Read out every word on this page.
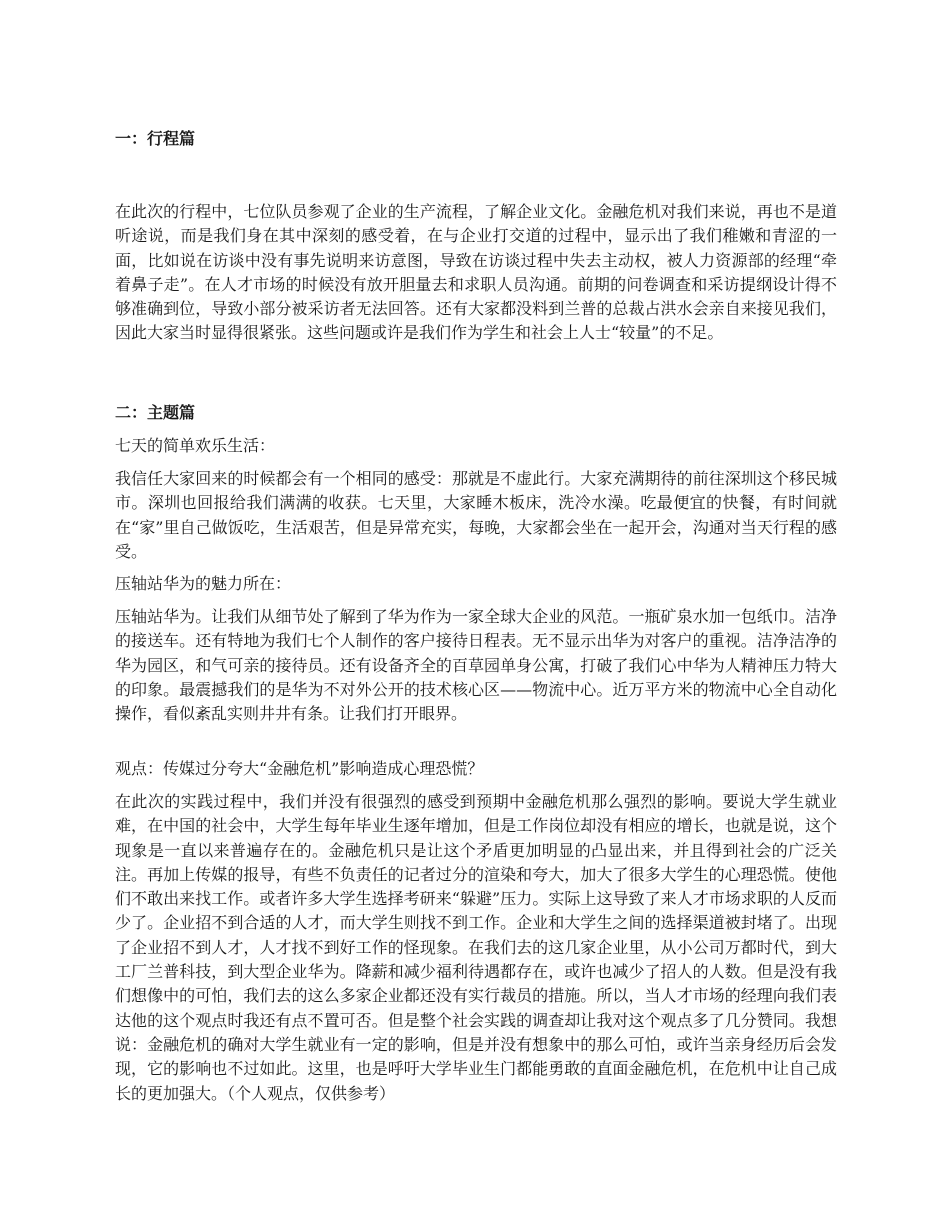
一：行程篇

在此次的行程中，七位队员参观了企业的生产流程，了解企业文化。金融危机对我们来说，再也不是道听途说，而是我们身在其中深刻的感受着，在与企业打交道的过程中，显示出了我们稚嫩和青涩的一面，比如说在访谈中没有事先说明来访意图，导致在访谈过程中失去主动权，被人力资源部的经理“牵着鼻子走”。在人才市场的时候没有放开胆量去和求职人员沟通。前期的问卷调查和采访提纲设计得不够准确到位，导致小部分被采访者无法回答。还有大家都没料到兰普的总裁占洪水会亲自来接见我们，因此大家当时显得很紧张。这些问题或许是我们作为学生和社会上人士“较量”的不足。

二：主题篇

七天的简单欢乐生活：

我信任大家回来的时候都会有一个相同的感受：那就是不虚此行。大家充满期待的前往深圳这个移民城市。深圳也回报给我们满满的收获。七天里，大家睡木板床，洗冷水澡。吃最便宜的快餐，有时间就在“家”里自己做饭吃，生活艰苦，但是异常充实，每晚，大家都会坐在一起开会，沟通对当天行程的感受。

压轴站华为的魅力所在：

压轴站华为。让我们从细节处了解到了华为作为一家全球大企业的风范。一瓶矿泉水加一包纸巾。洁净的接送车。还有特地为我们七个人制作的客户接待日程表。无不显示出华为对客户的重视。洁净洁净的华为园区，和气可亲的接待员。还有设备齐全的百草园单身公寓，打破了我们心中华为人精神压力特大的印象。最震撼我们的是华为不对外公开的技术核心区——物流中心。近万平方米的物流中心全自动化操作，看似紊乱实则井井有条。让我们打开眼界。

观点：传媒过分夸大“金融危机”影响造成心理恐慌？

在此次的实践过程中，我们并没有很强烈的感受到预期中金融危机那么强烈的影响。要说大学生就业难，在中国的社会中，大学生每年毕业生逐年增加，但是工作岗位却没有相应的增长，也就是说，这个现象是一直以来普遍存在的。金融危机只是让这个矛盾更加明显的凸显出来，并且得到社会的广泛关注。再加上传媒的报导，有些不负责任的记者过分的渲染和夸大，加大了很多大学生的心理恐慌。使他们不敢出来找工作。或者许多大学生选择考研来“躲避”压力。实际上这导致了来人才市场求职的人反而少了。企业招不到合适的人才，而大学生则找不到工作。企业和大学生之间的选择渠道被封堵了。出现了企业招不到人才，人才找不到好工作的怪现象。在我们去的这几家企业里，从小公司万都时代，到大工厂兰普科技，到大型企业华为。降薪和减少福利待遇都存在，或许也减少了招人的人数。但是没有我们想像中的可怕，我们去的这么多家企业都还没有实行裁员的措施。所以，当人才市场的经理向我们表达他的这个观点时我还有点不置可否。但是整个社会实践的调查却让我对这个观点多了几分赞同。我想说：金融危机的确对大学生就业有一定的影响，但是并没有想象中的那么可怕，或许当亲身经历后会发现，它的影响也不过如此。这里，也是呼吁大学毕业生门都能勇敢的直面金融危机，在危机中让自己成长的更加强大。（个人观点，仅供参考）
